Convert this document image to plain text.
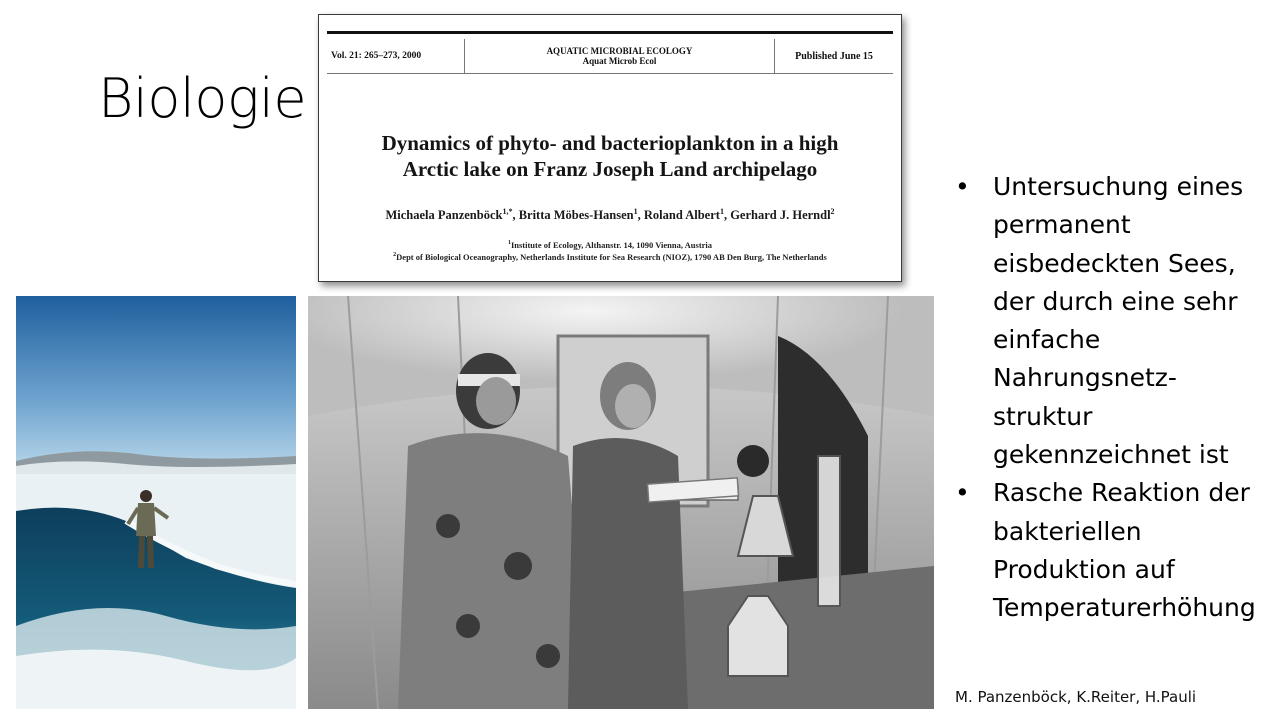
Biologie
Vol. 21: 265–273, 2000
AQUATIC MICROBIAL ECOLOGY
Aquat Microb Ecol	Published June 15
Dynamics of phyto- and bacterioplankton in a high
Arctic lake on Franz Joseph Land archipelago
Michaela Panzenböck$^{1,*}$, Britta Möbes-Hansen$^1$, Roland Albert$^1$, Gerhard J. Herndl$^2$
$^1$Institute of Ecology, Althanstr. 14, 1090 Vienna, Austria
$^2$Dept of Biological Oceanography, Netherlands Institute for Sea Research (NIOZ), 1790 AB Den Burg, The Netherlands
• Untersuchung eines permanent eisbedeckten Sees, der durch eine sehr einfache Nahrungsnetz-struktur gekennzeichnet ist
• Rasche Reaktion der bakteriellen Produktion auf Temperaturerhöhung
M. Panzenböck, K.Reiter, H.Pauli
